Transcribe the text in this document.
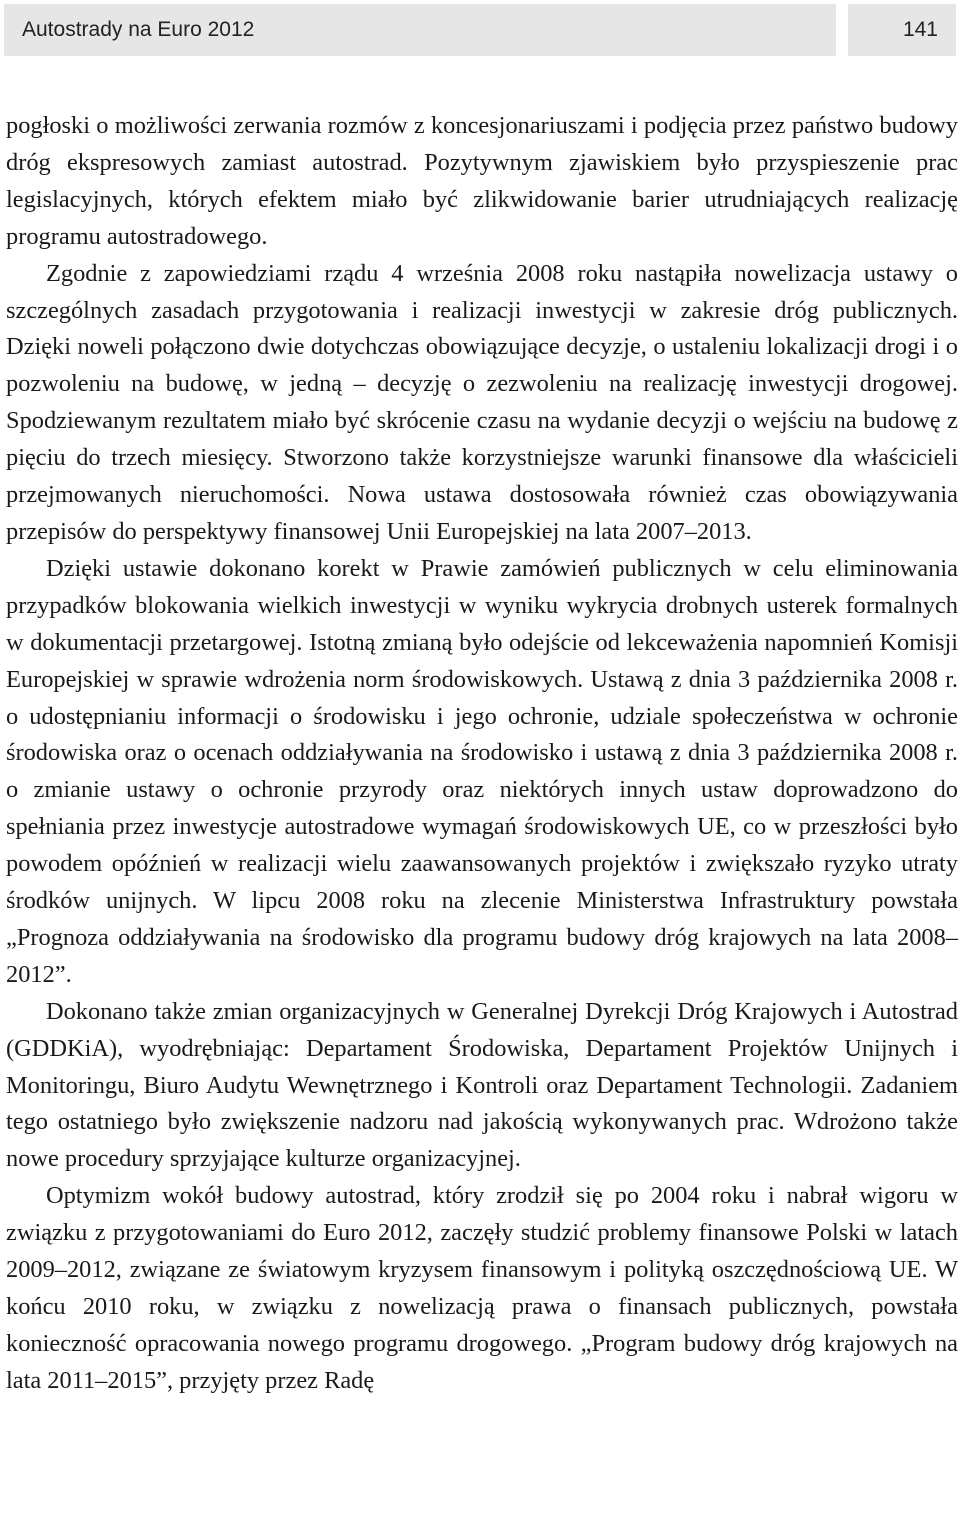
Autostrady na Euro 2012	141

pogłoski o możliwości zerwania rozmów z koncesjonariuszami i podjęcia przez państwo budowy dróg ekspresowych zamiast autostrad. Pozytywnym zjawiskiem było przyspieszenie prac legislacyjnych, których efektem miało być zlikwidowanie barier utrudniających realizację programu autostradowego.

Zgodnie z zapowiedziami rządu 4 września 2008 roku nastąpiła nowelizacja ustawy o szczególnych zasadach przygotowania i realizacji inwestycji w zakresie dróg publicznych. Dzięki noweli połączono dwie dotychczas obowiązujące decyzje, o ustaleniu lokalizacji drogi i o pozwoleniu na budowę, w jedną – decyzję o zezwoleniu na realizację inwestycji drogowej. Spodziewanym rezultatem miało być skrócenie czasu na wydanie decyzji o wejściu na budowę z pięciu do trzech miesięcy. Stworzono także korzystniejsze warunki finansowe dla właścicieli przejmowanych nieruchomości. Nowa ustawa dostosowała również czas obowiązywania przepisów do perspektywy finansowej Unii Europejskiej na lata 2007–2013.

Dzięki ustawie dokonano korekt w Prawie zamówień publicznych w celu eliminowania przypadków blokowania wielkich inwestycji w wyniku wykrycia drobnych usterek formalnych w dokumentacji przetargowej. Istotną zmianą było odejście od lekceważenia napomnień Komisji Europejskiej w sprawie wdrożenia norm środowiskowych. Ustawą z dnia 3 października 2008 r. o udostępnianiu informacji o środowisku i jego ochronie, udziale społeczeństwa w ochronie środowiska oraz o ocenach oddziaływania na środowisko i ustawą z dnia 3 października 2008 r. o zmianie ustawy o ochronie przyrody oraz niektórych innych ustaw doprowadzono do spełniania przez inwestycje autostradowe wymagań środowiskowych UE, co w przeszłości było powodem opóźnień w realizacji wielu zaawansowanych projektów i zwiększało ryzyko utraty środków unijnych. W lipcu 2008 roku na zlecenie Ministerstwa Infrastruktury powstała „Prognoza oddziaływania na środowisko dla programu budowy dróg krajowych na lata 2008–2012”.

Dokonano także zmian organizacyjnych w Generalnej Dyrekcji Dróg Krajowych i Autostrad (GDDKiA), wyodrębniając: Departament Środowiska, Departament Projektów Unijnych i Monitoringu, Biuro Audytu Wewnętrznego i Kontroli oraz Departament Technologii. Zadaniem tego ostatniego było zwiększenie nadzoru nad jakością wykonywanych prac. Wdrożono także nowe procedury sprzyjające kulturze organizacyjnej.

Optymizm wokół budowy autostrad, który zrodził się po 2004 roku i nabrał wigoru w związku z przygotowaniami do Euro 2012, zaczęły studzić problemy finansowe Polski w latach 2009–2012, związane ze światowym kryzysem finansowym i polityką oszczędnościową UE. W końcu 2010 roku, w związku z nowelizacją prawa o finansach publicznych, powstała konieczność opracowania nowego programu drogowego. „Program budowy dróg krajowych na lata 2011–2015”, przyjęty przez Radę
